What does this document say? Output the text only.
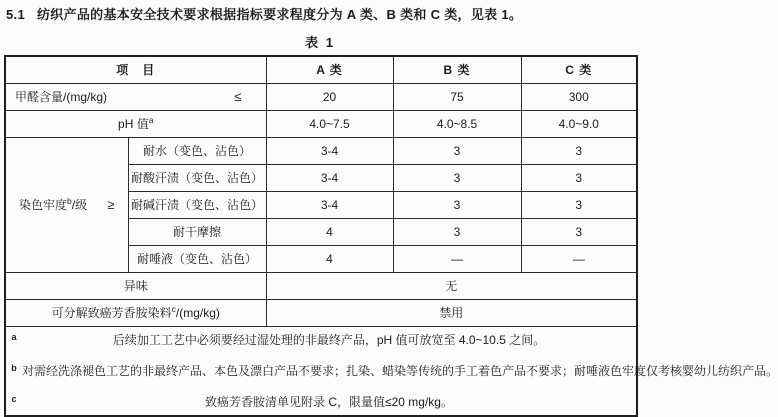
5.1 纺织产品的基本安全技术要求根据指标要求程度分为 A 类、B 类和 C 类，见表 1。

表 1

项　目		A 类	B 类	C 类

甲醛含量/(mg/kg) ≤		20	75	300
pH 值$^a$		4.0~7.5	4.0~8.5	4.0~9.0

染色牢度$^b$/级 ≥	耐水（变色、沾色）	3-4	3	3
	耐酸汗渍（变色、沾色）	3-4	3	3
	耐碱汗渍（变色、沾色）	3-4	3	3
	耐干摩擦	4	3	3
	耐唾液（变色、沾色）	4	—	—
异味		无		
可分解致癌芳香胺染料$^c$/(mg/kg)		禁用		

a	后续加工工艺中必须要经过湿处理的非最终产品，pH 值可放宽至 4.0~10.5 之间。
b 对需经洗涤褪色工艺的非最终产品、本色及漂白产品不要求；扎染、蜡染等传统的手工着色产品不要求；耐唾液色牢度仅考核婴幼儿纺织产品。
c	致癌芳香胺清单见附录 C，限量值≤20 mg/kg。
